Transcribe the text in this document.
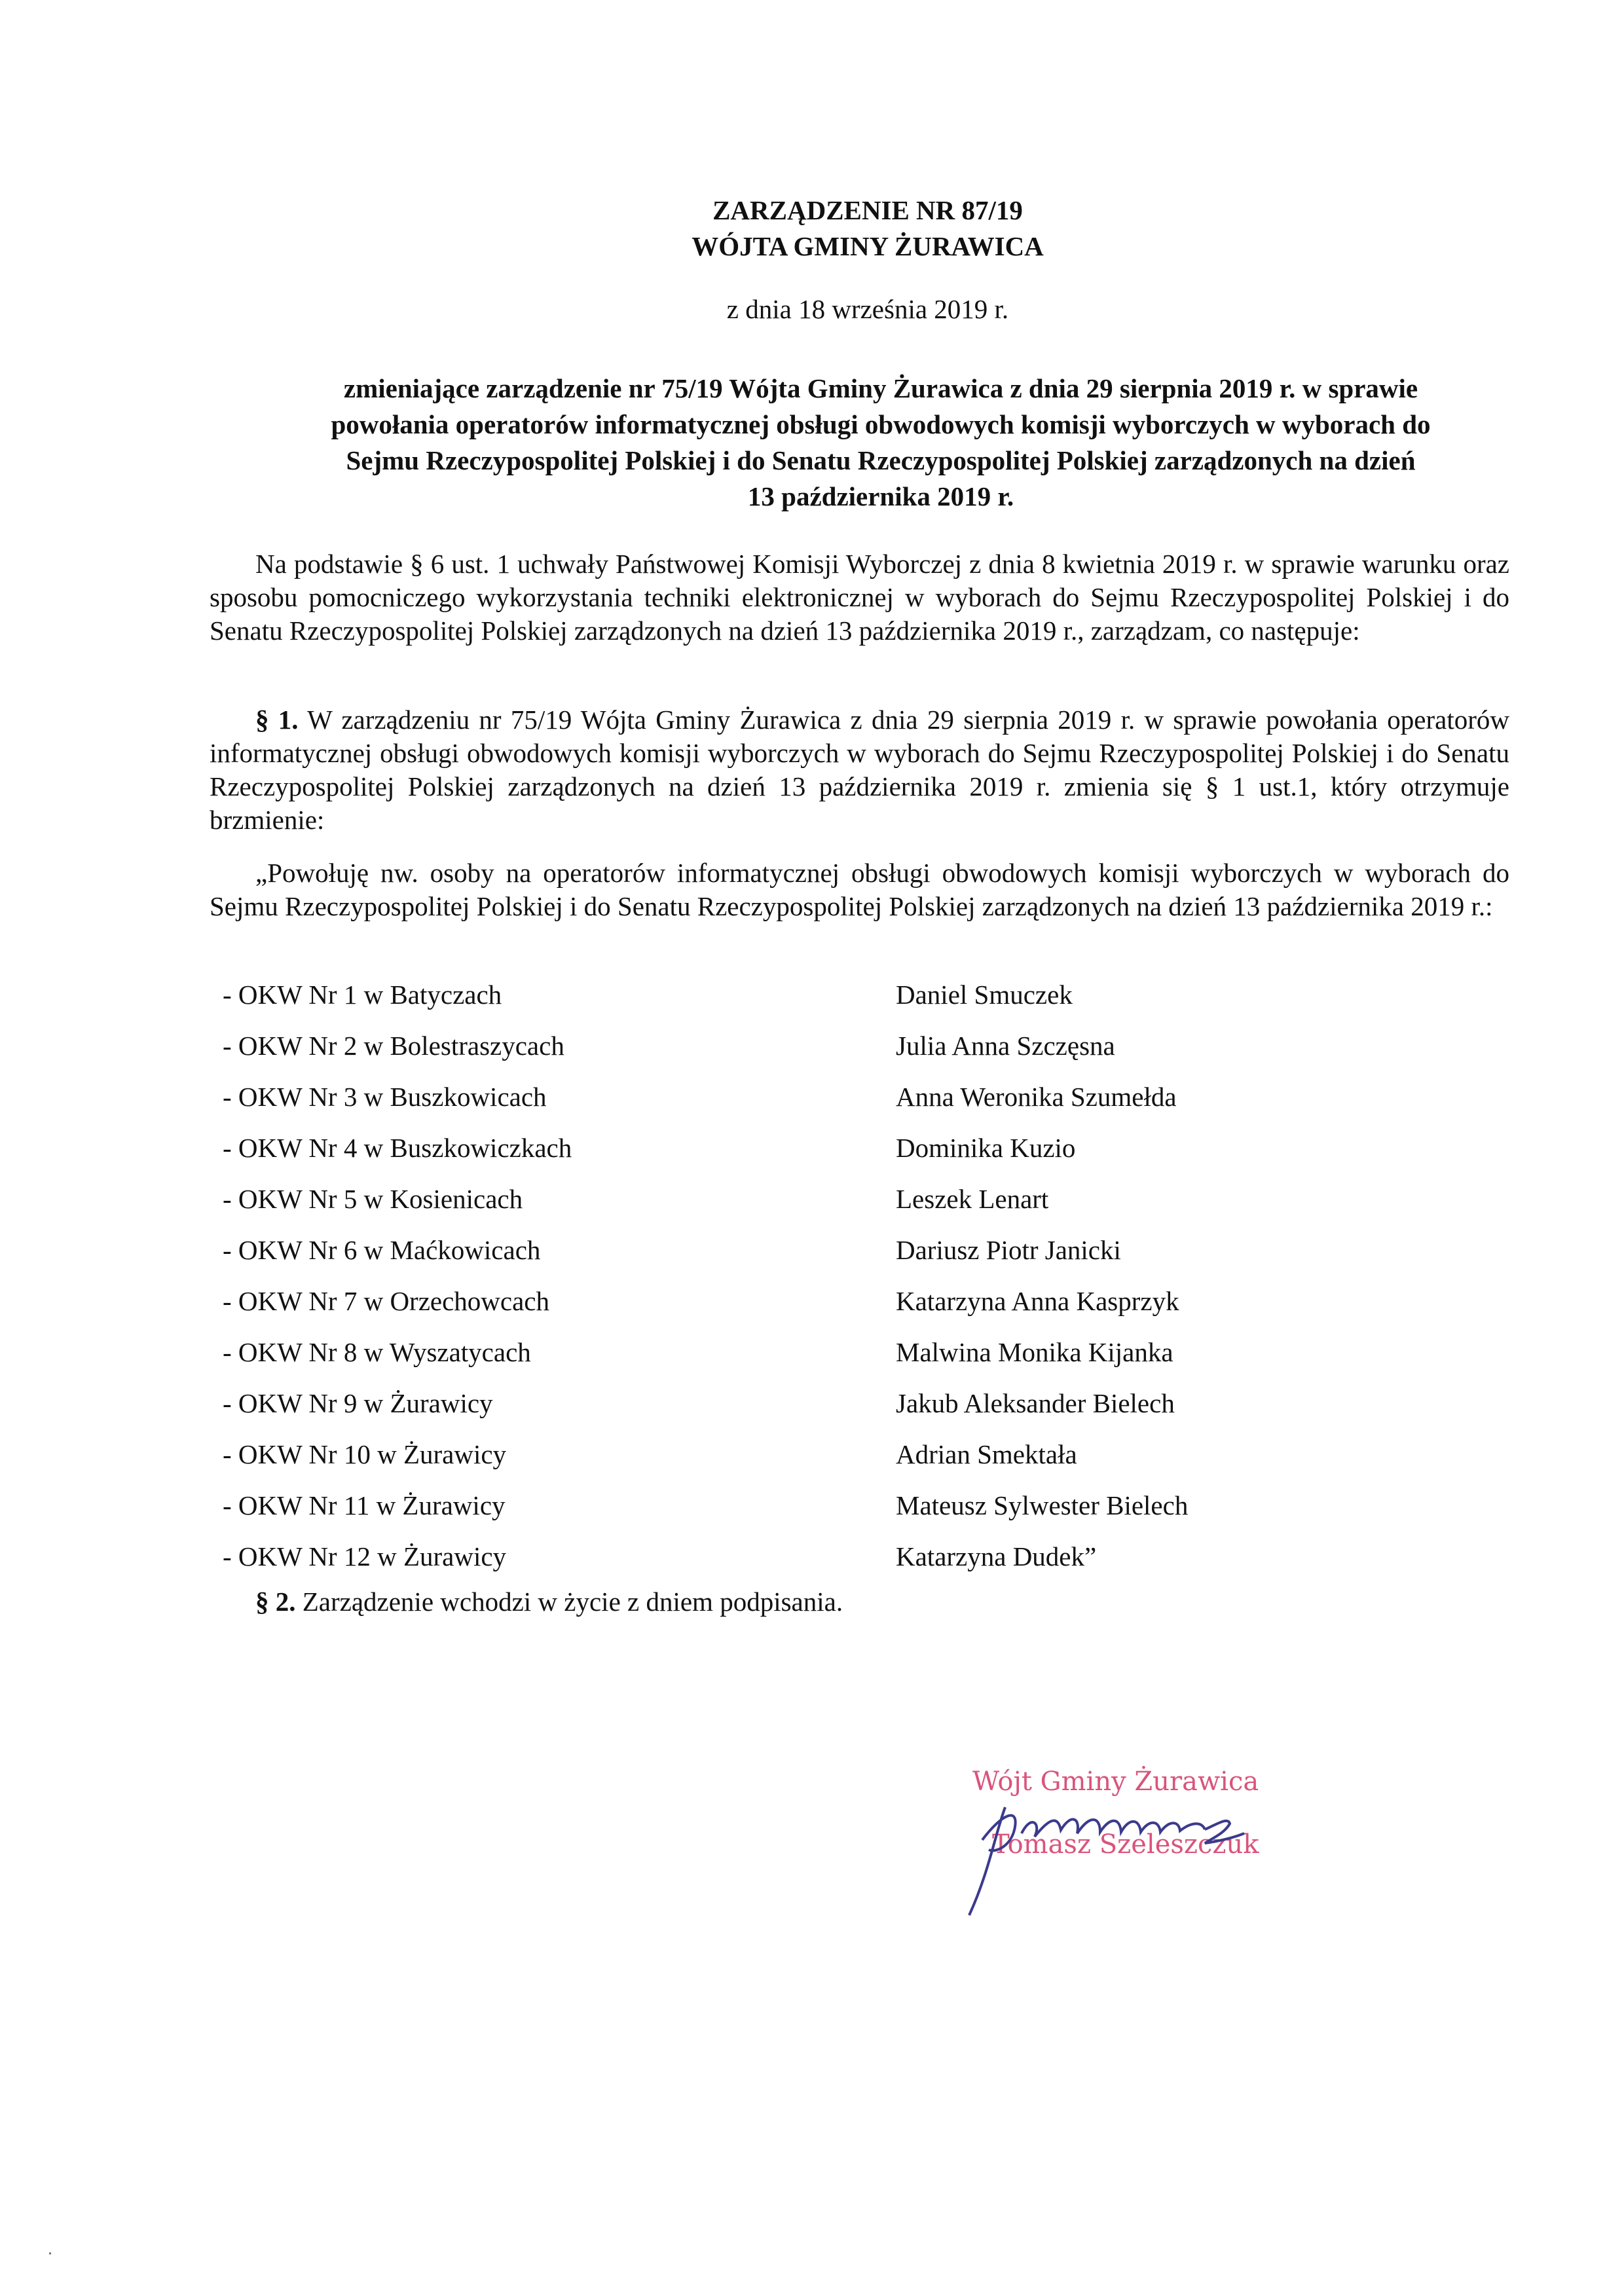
ZARZĄDZENIE NR 87/19
WÓJTA GMINY ŻURAWICA
z dnia 18 września 2019 r.
zmieniające zarządzenie nr 75/19 Wójta Gminy Żurawica z dnia 29 sierpnia 2019 r. w sprawie
powołania operatorów informatycznej obsługi obwodowych komisji wyborczych w wyborach do
Sejmu Rzeczypospolitej Polskiej i do Senatu Rzeczypospolitej Polskiej zarządzonych na dzień
13 października 2019 r.
Na podstawie § 6 ust. 1 uchwały Państwowej Komisji Wyborczej z dnia 8 kwietnia 2019 r. w sprawie warunku oraz sposobu pomocniczego wykorzystania techniki elektronicznej w wyborach do Sejmu Rzeczypospolitej Polskiej i do Senatu Rzeczypospolitej Polskiej zarządzonych na dzień 13 października 2019 r., zarządzam, co następuje:
§ 1. W zarządzeniu nr 75/19 Wójta Gminy Żurawica z dnia 29 sierpnia 2019 r. w sprawie powołania operatorów informatycznej obsługi obwodowych komisji wyborczych w wyborach do Sejmu Rzeczypospolitej Polskiej i do Senatu Rzeczypospolitej Polskiej zarządzonych na dzień 13 października 2019 r. zmienia się § 1 ust.1, który otrzymuje brzmienie:
„Powołuję nw. osoby na operatorów informatycznej obsługi obwodowych komisji wyborczych w wyborach do Sejmu Rzeczypospolitej Polskiej i do Senatu Rzeczypospolitej Polskiej zarządzonych na dzień 13 października 2019 r.:
- OKW Nr 1 w Batyczach	Daniel Smuczek
- OKW Nr 2 w Bolestraszycach	Julia Anna Szczęsna
- OKW Nr 3 w Buszkowicach	Anna Weronika Szumełda
- OKW Nr 4 w Buszkowiczkach	Dominika Kuzio
- OKW Nr 5 w Kosienicach	Leszek Lenart
- OKW Nr 6 w Maćkowicach	Dariusz Piotr Janicki
- OKW Nr 7 w Orzechowcach	Katarzyna Anna Kasprzyk
- OKW Nr 8 w Wyszatycach	Malwina Monika Kijanka
- OKW Nr 9 w Żurawicy	Jakub Aleksander Bielech
- OKW Nr 10 w Żurawicy	Adrian Smektała
- OKW Nr 11 w Żurawicy	Mateusz Sylwester Bielech
- OKW Nr 12 w Żurawicy	Katarzyna Dudek”
§ 2. Zarządzenie wchodzi w życie z dniem podpisania.
Wójt Gminy Żurawica
Tomasz Szeleszczuk
